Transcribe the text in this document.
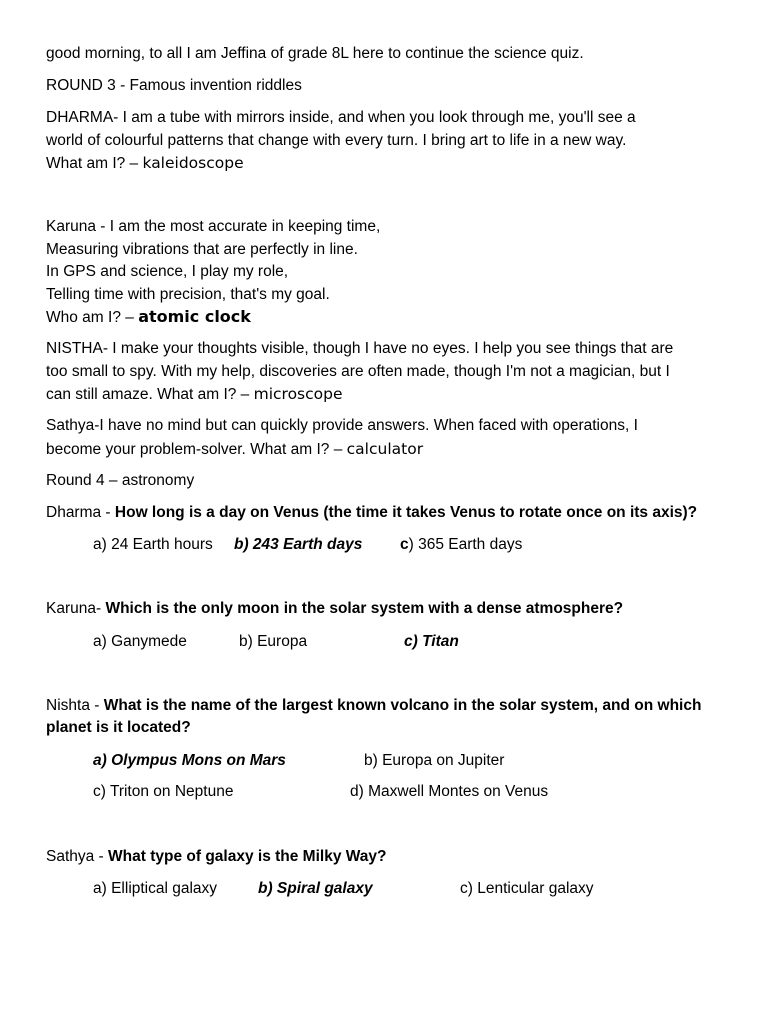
good morning, to all I am Jeffina of grade 8L here to continue the science quiz.
ROUND 3 - Famous invention riddles
DHARMA- I am a tube with mirrors inside, and when you look through me, you'll see a
world of colourful patterns that change with every turn. I bring art to life in a new way.
What am I? – kaleidoscope
Karuna - I am the most accurate in keeping time,
Measuring vibrations that are perfectly in line.
In GPS and science, I play my role,
Telling time with precision, that's my goal.
Who am I? – atomic clock
NISTHA- I make your thoughts visible, though I have no eyes. I help you see things that are
too small to spy. With my help, discoveries are often made, though I'm not a magician, but I
can still amaze. What am I? – microscope
Sathya-I have no mind but can quickly provide answers. When faced with operations, I
become your problem-solver. What am I? – calculator
Round 4 – astronomy
Dharma - How long is a day on Venus (the time it takes Venus to rotate once on its axis)?
a) 24 Earth hours b) 243 Earth days c) 365 Earth days
Karuna- Which is the only moon in the solar system with a dense atmosphere?
a) Ganymede	b) Europa	c) Titan
Nishta - What is the name of the largest known volcano in the solar system, and on which
planet is it located?
a) Olympus Mons on Mars	b) Europa on Jupiter
c) Triton on Neptune	d) Maxwell Montes on Venus
Sathya - What type of galaxy is the Milky Way?
a) Elliptical galaxy	b) Spiral galaxy	c) Lenticular galaxy
